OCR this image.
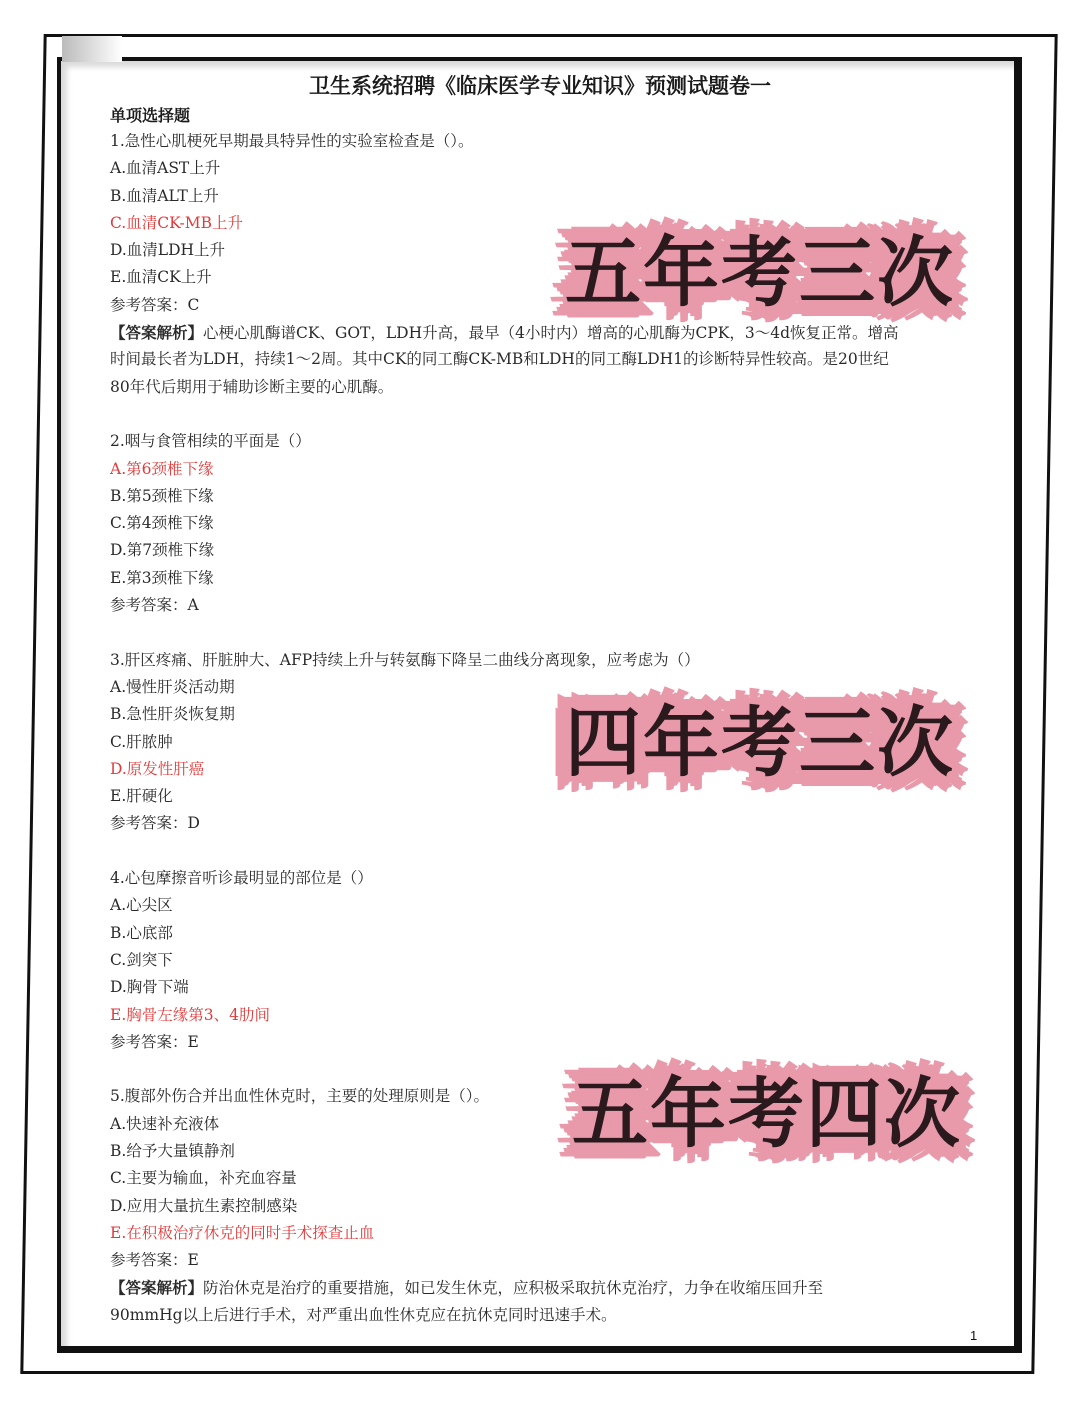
卫生系统招聘《临床医学专业知识》预测试题卷一
单项选择题
1.急性心肌梗死早期最具特异性的实验室检查是（）。
A.血清AST上升
B.血清ALT上升
C.血清CK-MB上升
D.血清LDH上升
E.血清CK上升
参考答案：C
【答案解析】心梗心肌酶谱CK、GOT，LDH升高，最早（4小时内）增高的心肌酶为CPK，3～4d恢复正常。增高
时间最长者为LDH，持续1～2周。其中CK的同工酶CK-MB和LDH的同工酶LDH1的诊断特异性较高。是20世纪
80年代后期用于辅助诊断主要的心肌酶。
2.咽与食管相续的平面是（）
A.第6颈椎下缘
B.第5颈椎下缘
C.第4颈椎下缘
D.第7颈椎下缘
E.第3颈椎下缘
参考答案：A
3.肝区疼痛、肝脏肿大、AFP持续上升与转氨酶下降呈二曲线分离现象，应考虑为（）
A.慢性肝炎活动期
B.急性肝炎恢复期
C.肝脓肿
D.原发性肝癌
E.肝硬化
参考答案：D
4.心包摩擦音听诊最明显的部位是（）
A.心尖区
B.心底部
C.剑突下
D.胸骨下端
E.胸骨左缘第3、4肋间
参考答案：E
5.腹部外伤合并出血性休克时，主要的处理原则是（）。
A.快速补充液体
B.给予大量镇静剂
C.主要为输血，补充血容量
D.应用大量抗生素控制感染
E.在积极治疗休克的同时手术探查止血
参考答案：E
【答案解析】防治休克是治疗的重要措施，如已发生休克，应积极采取抗休克治疗，力争在收缩压回升至
90mmHg以上后进行手术，对严重出血性休克应在抗休克同时迅速手术。
五年考三次
四年考三次
五年考四次
1
